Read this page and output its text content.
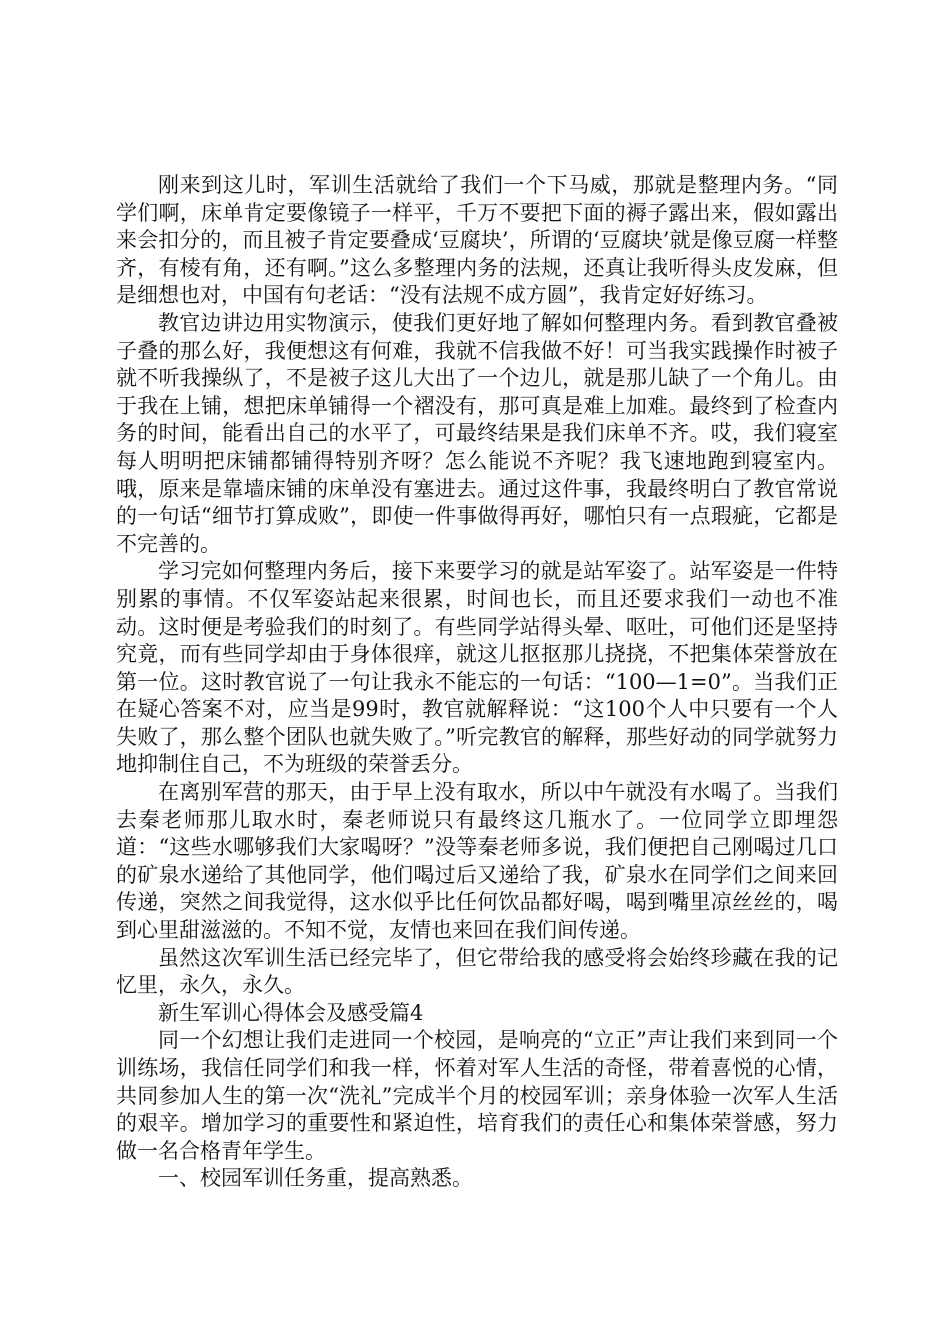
刚来到这儿时，军训生活就给了我们一个下马威，那就是整理内务。“同学们啊，床单肯定要像镜子一样平，千万不要把下面的褥子露出来，假如露出来会扣分的，而且被子肯定要叠成‘豆腐块’，所谓的‘豆腐块’就是像豆腐一样整齐，有棱有角，还有啊。”这么多整理内务的法规，还真让我听得头皮发麻，但是细想也对，中国有句老话：“没有法规不成方圆”，我肯定好好练习。

教官边讲边用实物演示，使我们更好地了解如何整理内务。看到教官叠被子叠的那么好，我便想这有何难，我就不信我做不好！可当我实践操作时被子就不听我操纵了，不是被子这儿大出了一个边儿，就是那儿缺了一个角儿。由于我在上铺，想把床单铺得一个褶没有，那可真是难上加难。最终到了检查内务的时间，能看出自己的水平了，可最终结果是我们床单不齐。哎，我们寝室每人明明把床铺都铺得特别齐呀？怎么能说不齐呢？我飞速地跑到寝室内。哦，原来是靠墙床铺的床单没有塞进去。通过这件事，我最终明白了教官常说的一句话“细节打算成败”，即使一件事做得再好，哪怕只有一点瑕疵，它都是不完善的。

学习完如何整理内务后，接下来要学习的就是站军姿了。站军姿是一件特别累的事情。不仅军姿站起来很累，时间也长，而且还要求我们一动也不准动。这时便是考验我们的时刻了。有些同学站得头晕、呕吐，可他们还是坚持究竟，而有些同学却由于身体很痒，就这儿抠抠那儿挠挠，不把集体荣誉放在第一位。这时教官说了一句让我永不能忘的一句话：“100—1=0”。当我们正在疑心答案不对，应当是99时，教官就解释说：“这100个人中只要有一个人失败了，那么整个团队也就失败了。”听完教官的解释，那些好动的同学就努力地抑制住自己，不为班级的荣誉丢分。

在离别军营的那天，由于早上没有取水，所以中午就没有水喝了。当我们去秦老师那儿取水时，秦老师说只有最终这几瓶水了。一位同学立即埋怨道：“这些水哪够我们大家喝呀？”没等秦老师多说，我们便把自己刚喝过几口的矿泉水递给了其他同学，他们喝过后又递给了我，矿泉水在同学们之间来回传递，突然之间我觉得，这水似乎比任何饮品都好喝，喝到嘴里凉丝丝的，喝到心里甜滋滋的。不知不觉，友情也来回在我们间传递。

虽然这次军训生活已经完毕了，但它带给我的感受将会始终珍藏在我的记忆里，永久，永久。

新生军训心得体会及感受篇4

同一个幻想让我们走进同一个校园，是响亮的“立正”声让我们来到同一个训练场，我信任同学们和我一样，怀着对军人生活的奇怪，带着喜悦的心情，共同参加人生的第一次“洗礼”完成半个月的校园军训；亲身体验一次军人生活的艰辛。增加学习的重要性和紧迫性，培育我们的责任心和集体荣誉感，努力做一名合格青年学生。

一、校园军训任务重，提高熟悉。
